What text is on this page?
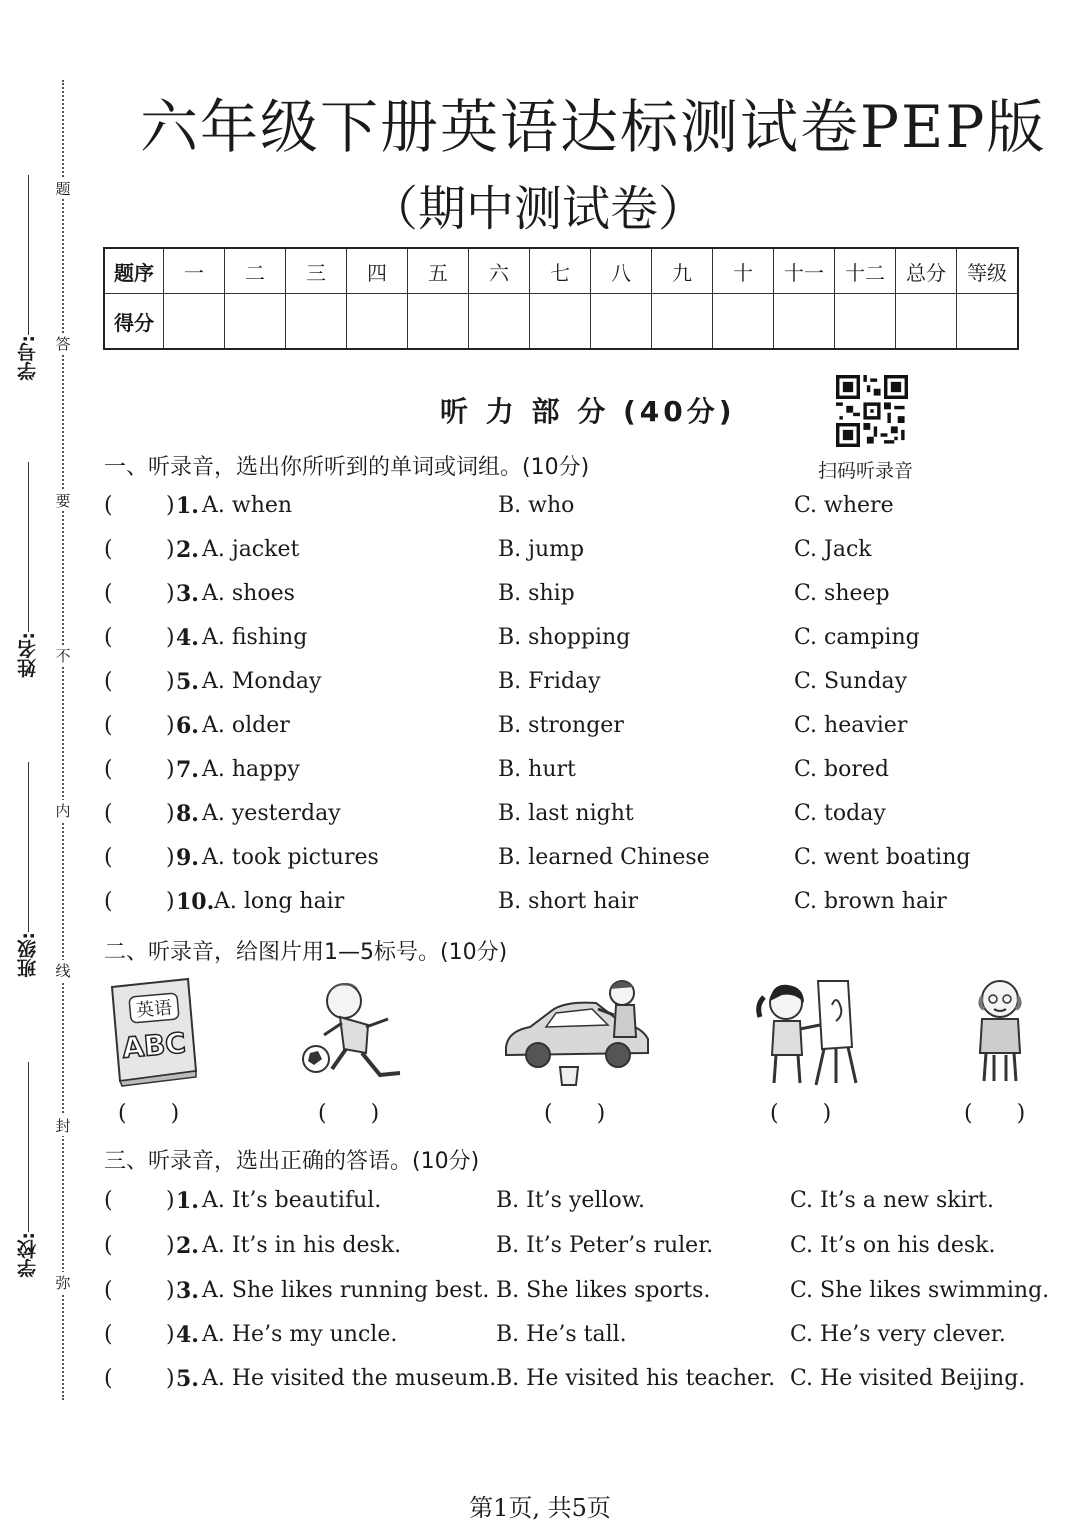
题
答
要
不
内
线
封
弥
学号:
姓名:
班级:
学校:
六年级下册英语达标测试卷PEP版
（期中测试卷）
题序	一	二	三	四	五	六	七	八	九	十	十一	十二	总分	等级
得分														
听 力 部 分 (40分)
扫码听录音
一、听录音，选出你所听到的单词或词组。(10分)
( ) 1. A. when	B. who	C. where
( ) 2. A. jacket	B. jump	C. Jack
( ) 3. A. shoes	B. ship	C. sheep
( ) 4. A. fishing	B. shopping	C. camping
( ) 5. A. Monday	B. Friday	C. Sunday
( ) 6. A. older	B. stronger	C. heavier
( ) 7. A. happy	B. hurt	C. bored
( ) 8. A. yesterday	B. last night	C. today
( ) 9. A. took pictures	B. learned Chinese	C. went boating
( ) 10. A. long hair	B. short hair	C. brown hair
二、听录音，给图片用1—5标号。(10分)
英语
ABC
(　　)	(　　)	(　　)	(　　)	(　　)
三、听录音，选出正确的答语。(10分)
( ) 1. A. It’s beautiful.	B. It’s yellow.	C. It’s a new skirt.
( ) 2. A. It’s in his desk.	B. It’s Peter’s ruler.	C. It’s on his desk.
( ) 3. A. She likes running best. B. She likes sports.	C. She likes swimming.
( ) 4. A. He’s my uncle.	B. He’s tall.	C. He’s very clever.
( ) 5. A. He visited the museum. B. He visited his teacher. C. He visited Beijing.
第1页, 共5页
